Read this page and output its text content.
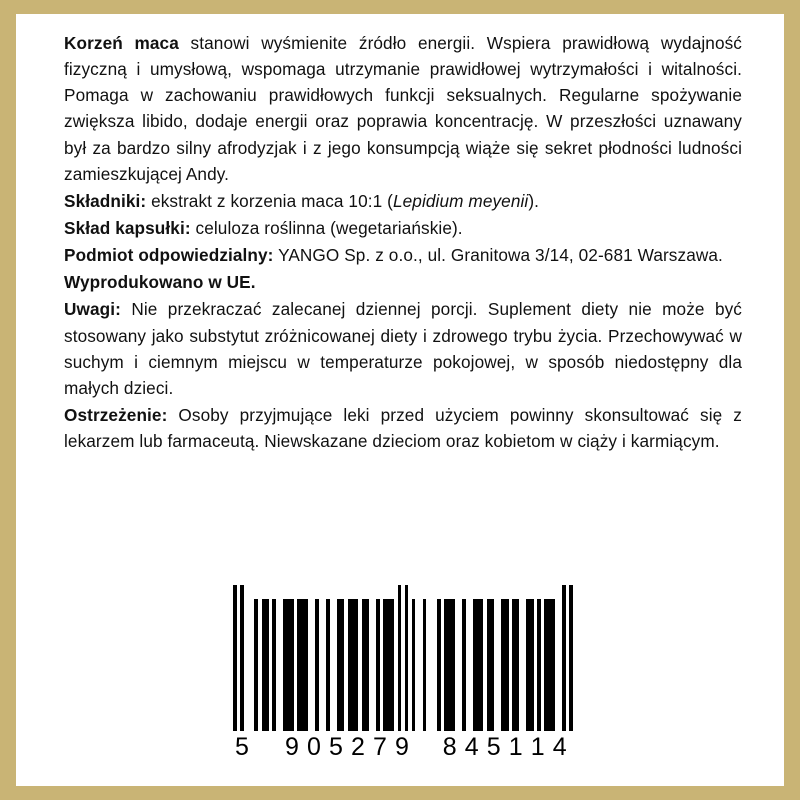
Korzeń maca stanowi wyśmienite źródło energii. Wspiera prawidłową wydajność fizyczną i umysłową, wspomaga utrzymanie prawidłowej wytrzymałości i witalności. Pomaga w zachowaniu prawidłowych funkcji seksualnych. Regularne spożywanie zwiększa libido, dodaje energii oraz poprawia koncentrację. W przeszłości uznawany był za bardzo silny afrodyzjak i z jego konsumpcją wiąże się sekret płodności ludności zamieszkującej Andy.

Składniki: ekstrakt z korzenia maca 10:1 (Lepidium meyenii).

Skład kapsułki: celuloza roślinna (wegetariańskie).

Podmiot odpowiedzialny: YANGO Sp. z o.o., ul. Granitowa 3/14, 02-681 Warszawa.

Wyprodukowano w UE.

Uwagi: Nie przekraczać zalecanej dziennej porcji. Suplement diety nie może być stosowany jako substytut zróżnicowanej diety i zdrowego trybu życia. Przechowywać w suchym i ciemnym miejscu w temperaturze pokojowej, w sposób niedostępny dla małych dzieci.

Ostrzeżenie: Osoby przyjmujące leki przed użyciem powinny skonsultować się z lekarzem lub farmaceutą. Niewskazane dzieciom oraz kobietom w ciąży i karmiącym.

5 9 0 5 2 7 9 8 4 5 1 1 4
